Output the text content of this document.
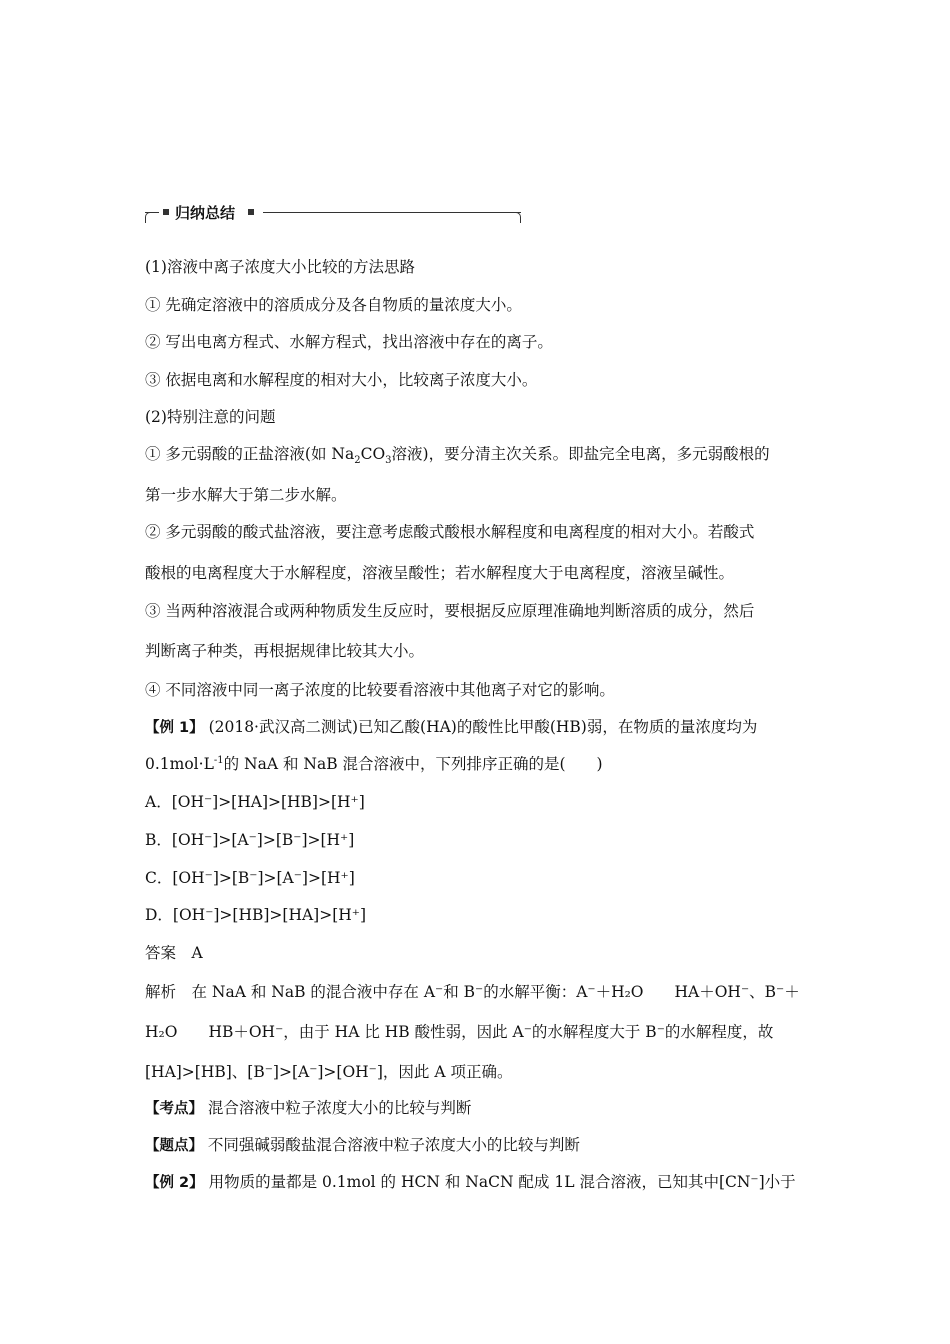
归纳总结
(1)溶液中离子浓度大小比较的方法思路
① 先确定溶液中的溶质成分及各自物质的量浓度大小。
② 写出电离方程式、水解方程式，找出溶液中存在的离子。
③ 依据电离和水解程度的相对大小，比较离子浓度大小。
(2)特别注意的问题
① 多元弱酸的正盐溶液(如 $Na_2CO_3$溶液)，要分清主次关系。即盐完全电离，多元弱酸根的
第一步水解大于第二步水解。
② 多元弱酸的酸式盐溶液，要注意考虑酸式酸根水解程度和电离程度的相对大小。若酸式
酸根的电离程度大于水解程度，溶液呈酸性；若水解程度大于电离程度，溶液呈碱性。
③ 当两种溶液混合或两种物质发生反应时，要根据反应原理准确地判断溶质的成分，然后
判断离子种类，再根据规律比较其大小。
④ 不同溶液中同一离子浓度的比较要看溶液中其他离子对它的影响。
【例 1】 (2018·武汉高二测试)已知乙酸(HA)的酸性比甲酸(HB)弱，在物质的量浓度均为
$0.1mol\cdot L^{-1}$的 NaA 和 NaB 混合溶液中，下列排序正确的是(　　)
A．[OH⁻]>[HA]>[HB]>[H⁺]
B．[OH⁻]>[A⁻]>[B⁻]>[H⁺]
C．[OH⁻]>[B⁻]>[A⁻]>[H⁺]
D．[OH⁻]>[HB]>[HA]>[H⁺]
答案　A
解析　在 NaA 和 NaB 的混合液中存在 A⁻和 B⁻的水解平衡：A⁻＋H₂O　　HA＋OH⁻、B⁻＋
H₂O　　HB＋OH⁻，由于 HA 比 HB 酸性弱，因此 A⁻的水解程度大于 B⁻的水解程度，故
[HA]>[HB]、[B⁻]>[A⁻]>[OH⁻]，因此 A 项正确。
【考点】 混合溶液中粒子浓度大小的比较与判断
【题点】 不同强碱弱酸盐混合溶液中粒子浓度大小的比较与判断
【例 2】 用物质的量都是 0.1mol 的 HCN 和 NaCN 配成 1L 混合溶液，已知其中[CN⁻]小于
